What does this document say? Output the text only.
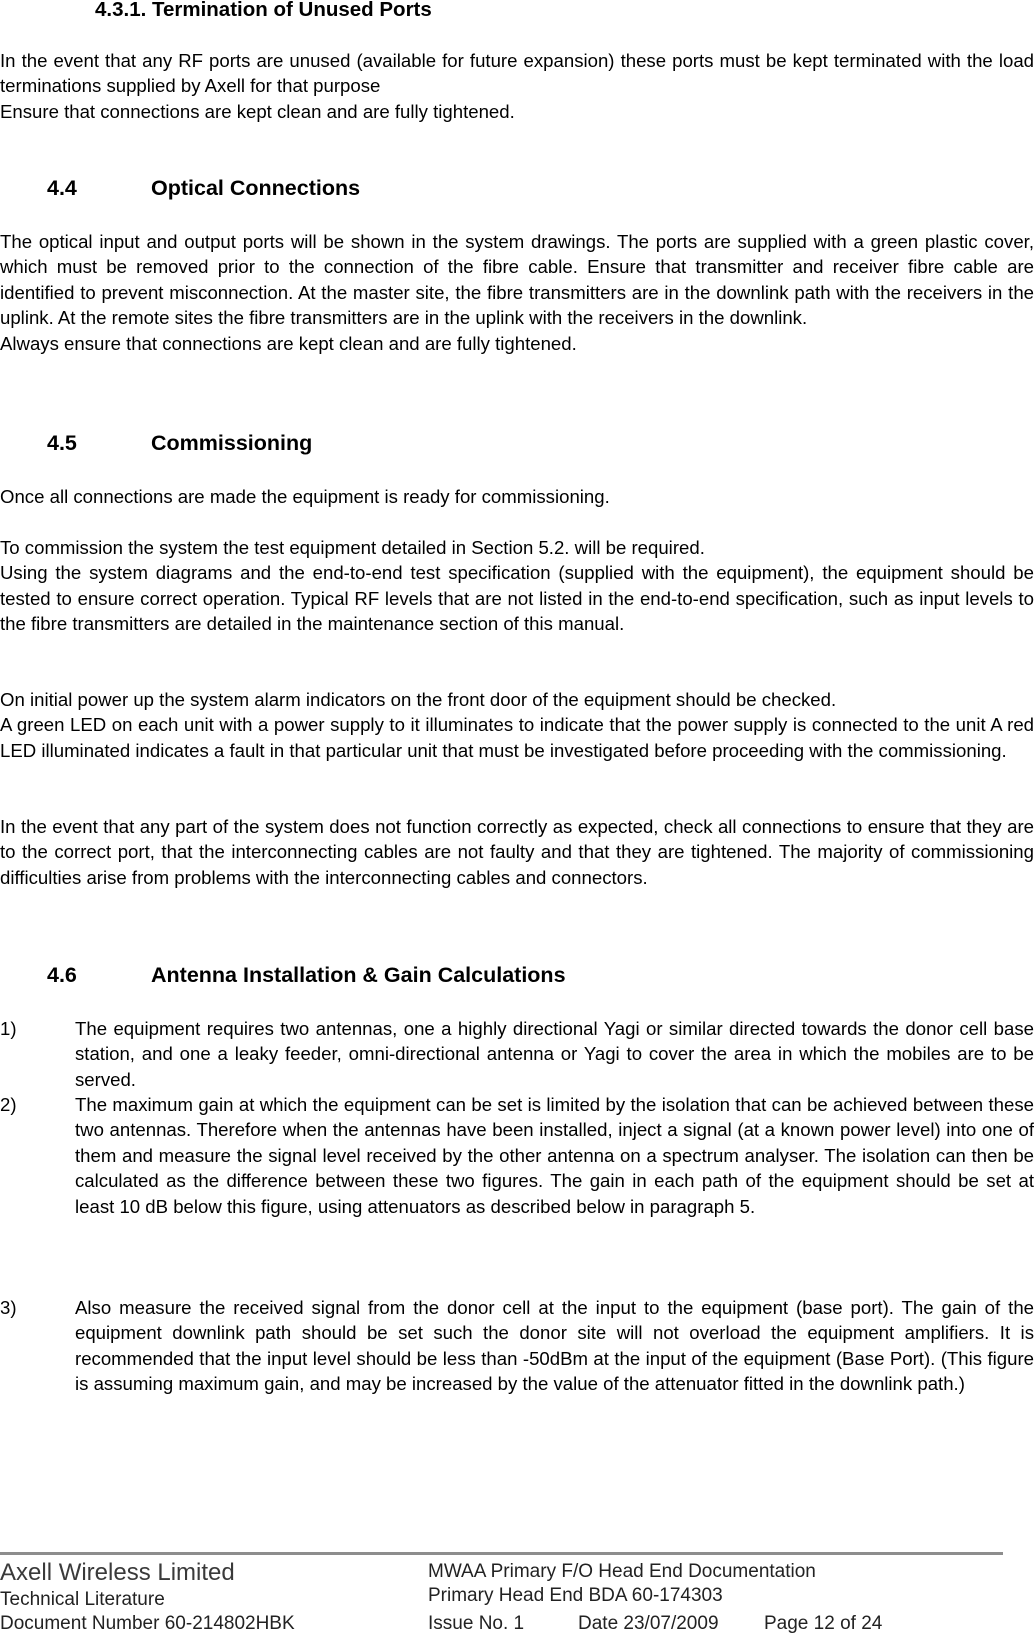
4.3.1. Termination of Unused Ports

In the event that any RF ports are unused (available for future expansion) these ports must be kept terminated with the load terminations supplied by Axell for that purpose

Ensure that connections are kept clean and are fully tightened.

4.4	Optical Connections

The optical input and output ports will be shown in the system drawings. The ports are supplied with a green plastic cover, which must be removed prior to the connection of the fibre cable. Ensure that transmitter and receiver fibre cable are identified to prevent misconnection. At the master site, the fibre transmitters are in the downlink path with the receivers in the uplink. At the remote sites the fibre transmitters are in the uplink with the receivers in the downlink.

Always ensure that connections are kept clean and are fully tightened.

4.5	Commissioning

Once all connections are made the equipment is ready for commissioning.

To commission the system the test equipment detailed in Section 5.2. will be required.

Using the system diagrams and the end-to-end test specification (supplied with the equipment), the equipment should be tested to ensure correct operation. Typical RF levels that are not listed in the end-to-end specification, such as input levels to the fibre transmitters are detailed in the maintenance section of this manual.

On initial power up the system alarm indicators on the front door of the equipment should be checked.

A green LED on each unit with a power supply to it illuminates to indicate that the power supply is connected to the unit A red LED illuminated indicates a fault in that particular unit that must be investigated before proceeding with the commissioning.

In the event that any part of the system does not function correctly as expected, check all connections to ensure that they are to the correct port, that the interconnecting cables are not faulty and that they are tightened. The majority of commissioning difficulties arise from problems with the interconnecting cables and connectors.

4.6	Antenna Installation & Gain Calculations
1)	The equipment requires two antennas, one a highly directional Yagi or similar directed towards the donor cell base station, and one a leaky feeder, omni-directional antenna or Yagi to cover the area in which the mobiles are to be served.

2)	The maximum gain at which the equipment can be set is limited by the isolation that can be achieved between these two antennas. Therefore when the antennas have been installed, inject a signal (at a known power level) into one of them and measure the signal level received by the other antenna on a spectrum analyser. The isolation can then be calculated as the difference between these two figures. The gain in each path of the equipment should be set at least 10 dB below this figure, using attenuators as described below in paragraph 5.

3)	Also measure the received signal from the donor cell at the input to the equipment (base port). The gain of the equipment downlink path should be set such the donor site will not overload the equipment amplifiers. It is recommended that the input level should be less than -50dBm at the input of the equipment (Base Port). (This figure is assuming maximum gain, and may be increased by the value of the attenuator fitted in the downlink path.)

Axell Wireless Limited
Technical Literature
Document Number 60-214802HBK
MWAA Primary F/O Head End Documentation
Primary Head End BDA 60-174303
Issue No. 1	Date 23/07/2009 Page 12 of 24
